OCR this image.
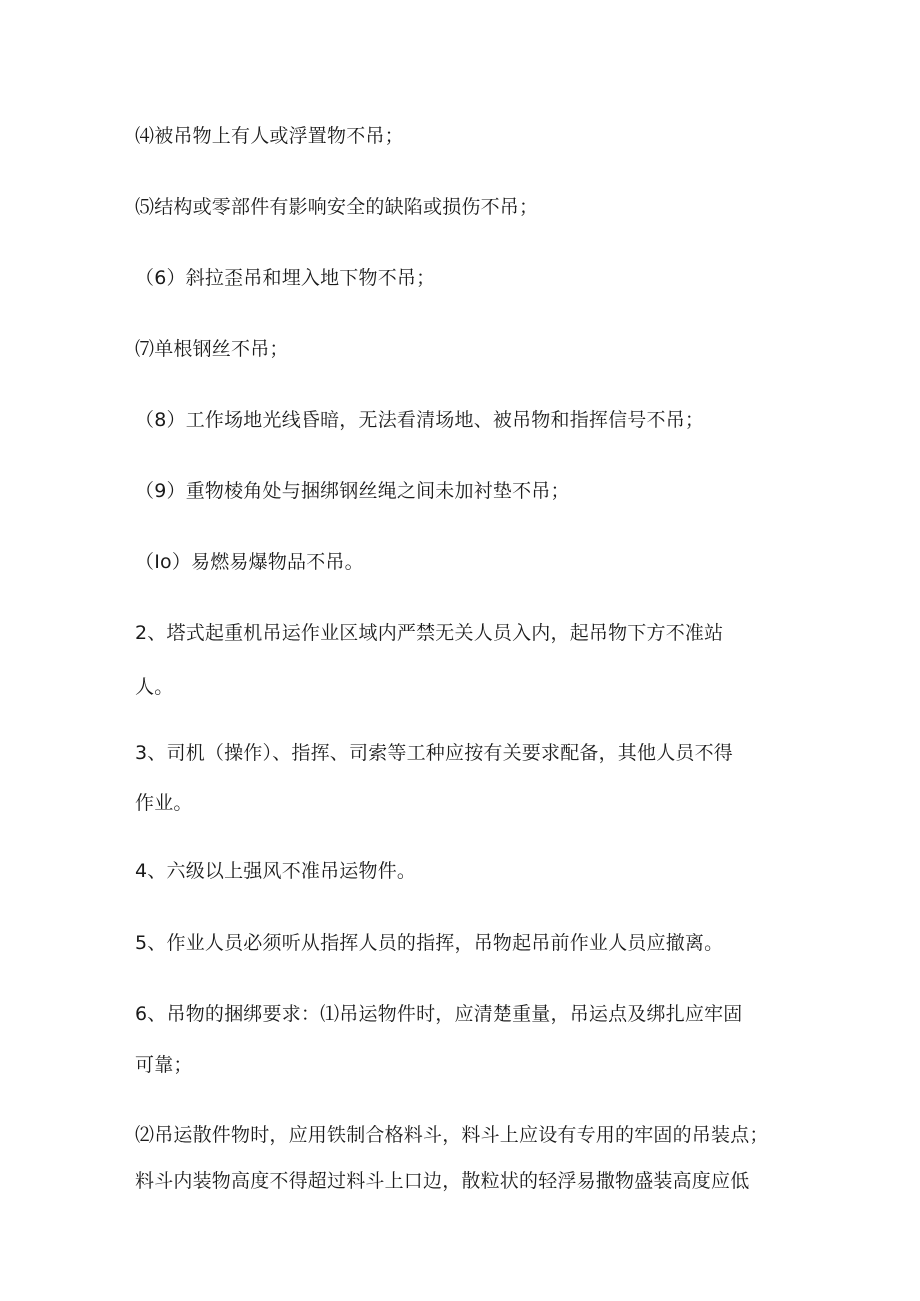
⑷被吊物上有人或浮置物不吊；
⑸结构或零部件有影响安全的缺陷或损伤不吊；
（6）斜拉歪吊和埋入地下物不吊；
⑺单根钢丝不吊；
（8）工作场地光线昏暗，无法看清场地、被吊物和指挥信号不吊；
（9）重物棱角处与捆绑钢丝绳之间未加衬垫不吊；
（Io）易燃易爆物品不吊。
2、塔式起重机吊运作业区域内严禁无关人员入内，起吊物下方不准站
人。
3、司机（操作）、指挥、司索等工种应按有关要求配备，其他人员不得
作业。
4、六级以上强风不准吊运物件。
5、作业人员必须听从指挥人员的指挥，吊物起吊前作业人员应撤离。
6、吊物的捆绑要求：⑴吊运物件时，应清楚重量，吊运点及绑扎应牢固
可靠；
⑵吊运散件物时，应用铁制合格料斗，料斗上应设有专用的牢固的吊装点；
料斗内装物高度不得超过料斗上口边，散粒状的轻浮易撒物盛装高度应低
